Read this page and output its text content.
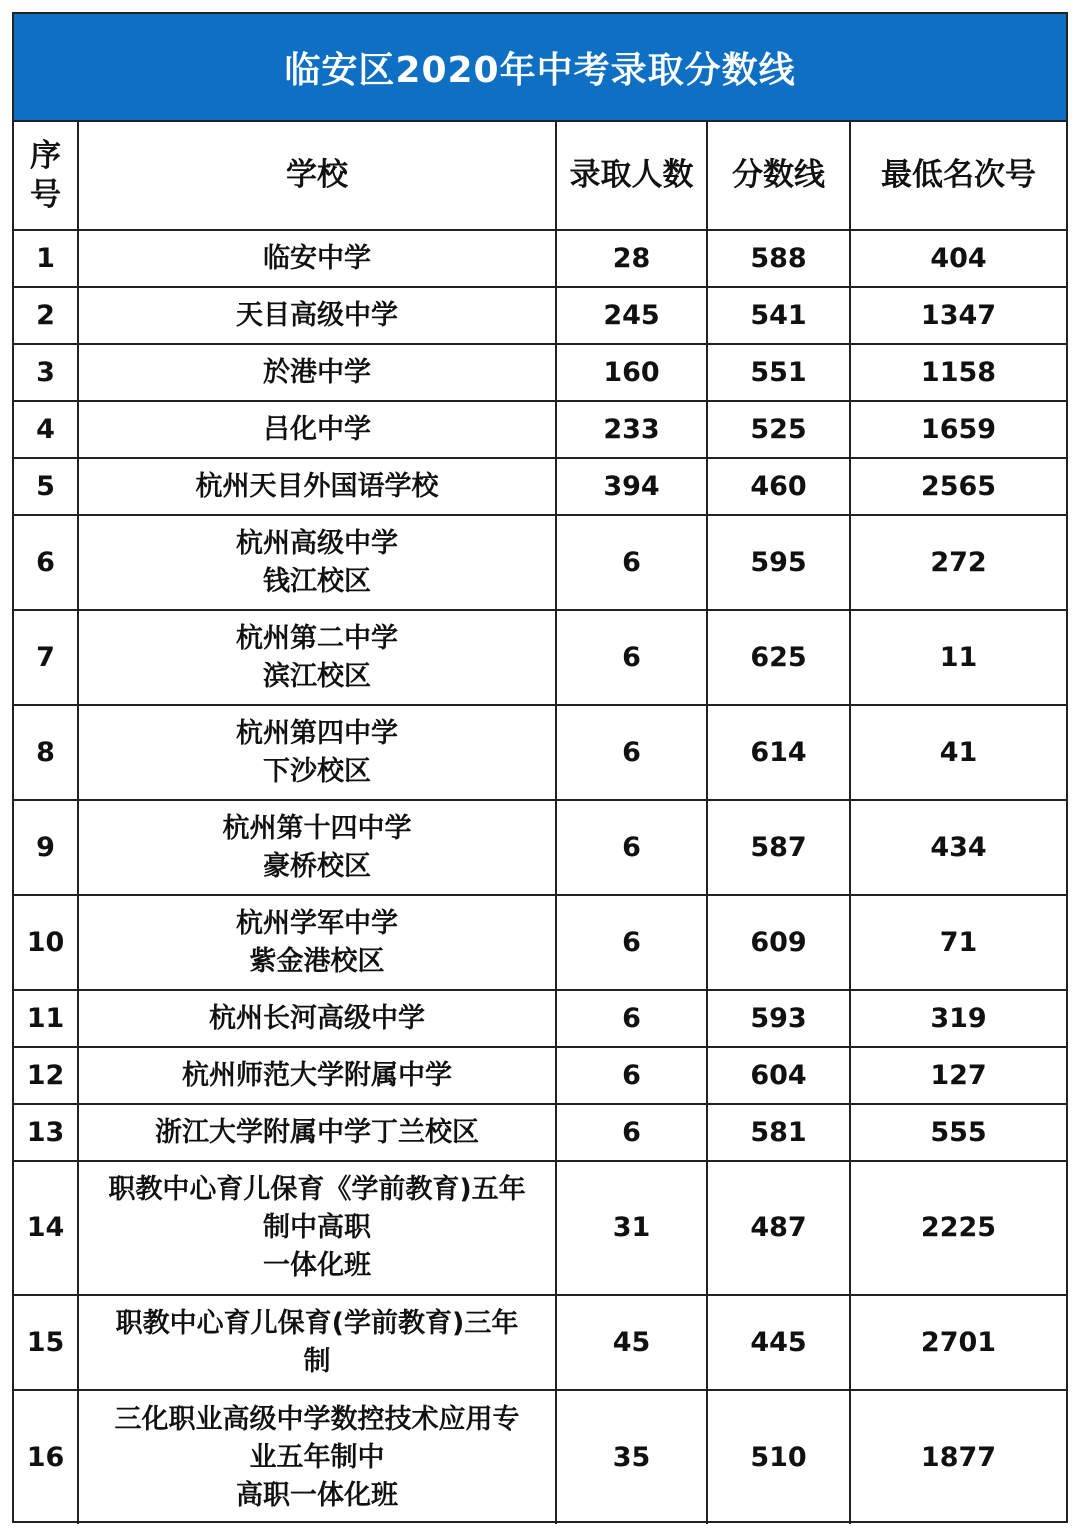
临安区2020年中考录取分数线
序
号	学校	录取人数	分数线	最低名次号
1	临安中学	28	588	404
2	天目高级中学	245	541	1347
3	於港中学	160	551	1158
4	吕化中学	233	525	1659
5	杭州天目外国语学校	394	460	2565
6	杭州高级中学
钱江校区	6	595	272
7	杭州第二中学
滨江校区	6	625	11
8	杭州第四中学
下沙校区	6	614	41
9	杭州第十四中学
豪桥校区	6	587	434
10	杭州学军中学
紫金港校区	6	609	71
11	杭州长河高级中学	6	593	319
12	杭州师范大学附属中学	6	604	127
13	浙江大学附属中学丁兰校区	6	581	555
14	职教中心育儿保育《学前教育)五年
制中高职
一体化班	31	487	2225
15	职教中心育儿保育(学前教育)三年
制	45	445	2701
16	三化职业高级中学数控技术应用专
业五年制中
高职一体化班	35	510	1877
